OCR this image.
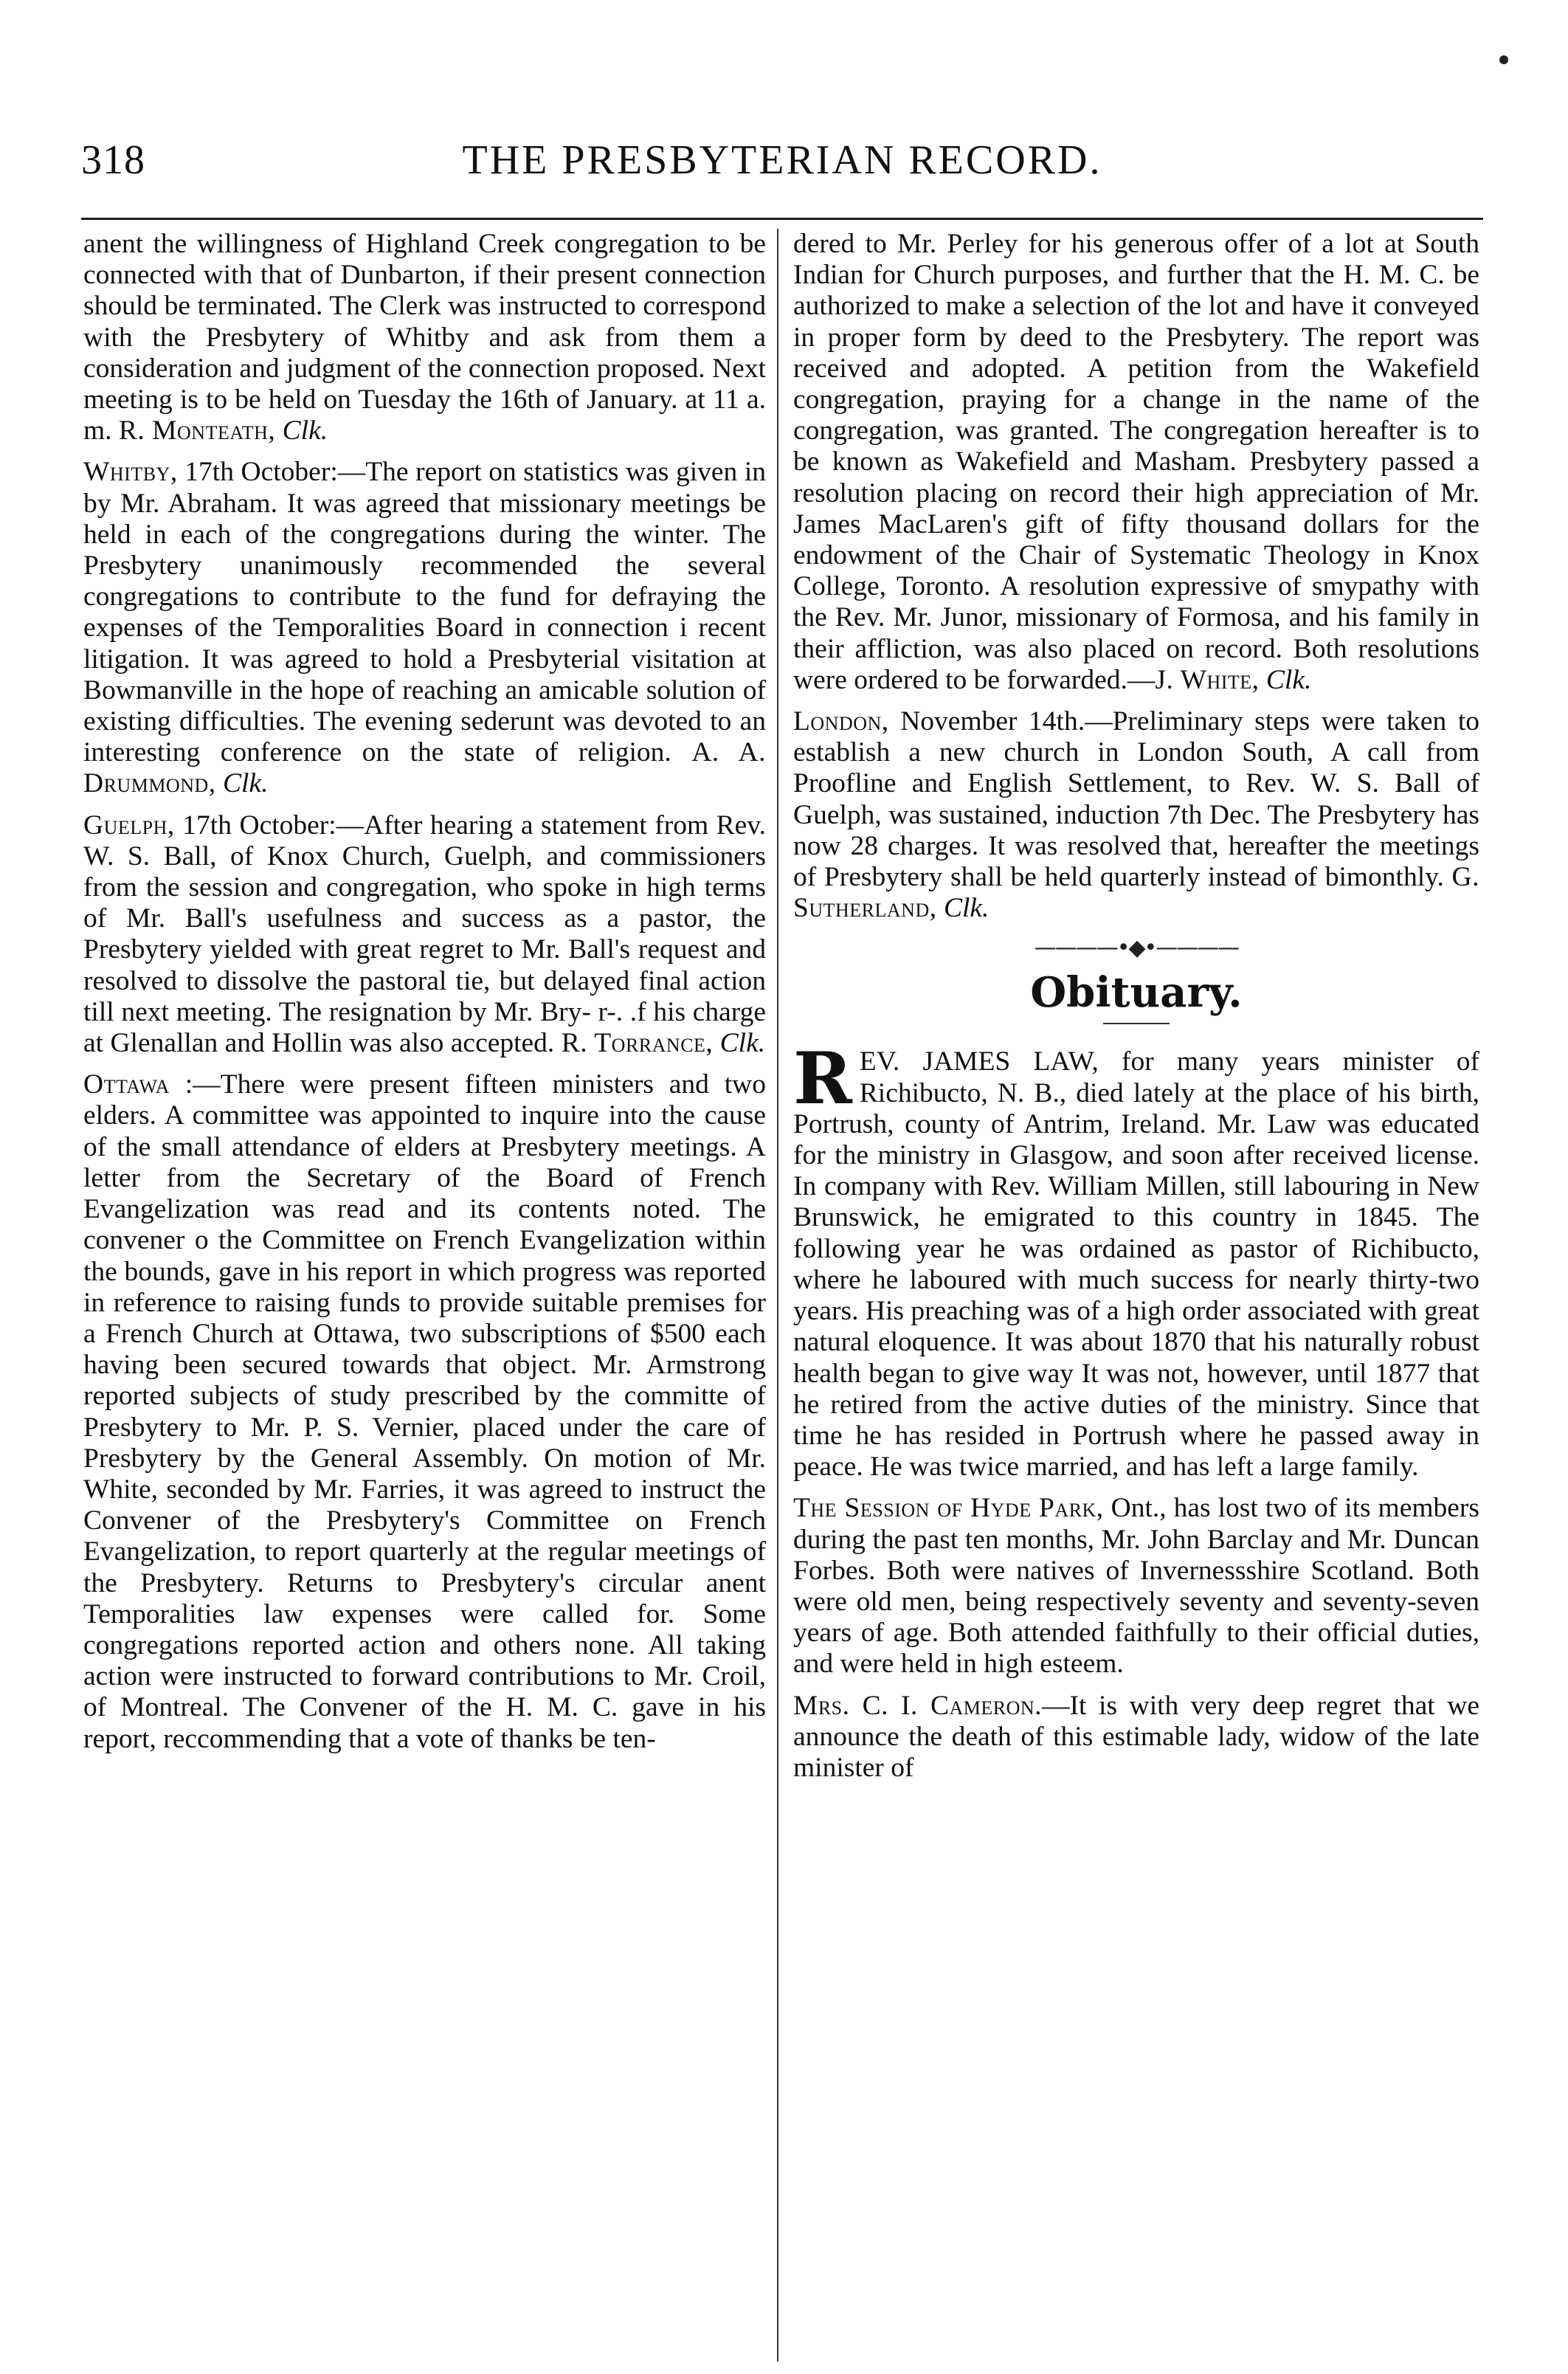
318	THE PRESBYTERIAN RECORD.

anent the willingness of Highland Creek congregation to be connected with that of Dunbarton, if their present connection should be terminated. The Clerk was instructed to correspond with the Presbytery of Whitby and ask from them a consideration and judgment of the connection proposed. Next meeting is to be held on Tuesday the 16th of January. at 11 a. m. R. Monteath, Clk.

Whitby, 17th October:—The report on statistics was given in by Mr. Abraham. It was agreed that missionary meetings be held in each of the congregations during the winter. The Presbytery unanimously recommended the several congregations to contribute to the fund for defraying the expenses of the Temporalities Board in connection i recent litigation. It was agreed to hold a Presbyterial visitation at Bowmanville in the hope of reaching an amicable solution of existing difficulties. The evening sederunt was devoted to an interesting conference on the state of religion. A. A. Drummond, Clk.

Guelph, 17th October:—After hearing a statement from Rev. W. S. Ball, of Knox Church, Guelph, and commissioners from the session and congregation, who spoke in high terms of Mr. Ball's usefulness and success as a pastor, the Presbytery yielded with great regret to Mr. Ball's request and resolved to dissolve the pastoral tie, but delayed final action till next meeting. The resignation by Mr. Bry- r-. .f his charge at Glenallan and Hollin was also accepted. R. Torrance, Clk.

Ottawa :—There were present fifteen ministers and two elders. A committee was appointed to inquire into the cause of the small attendance of elders at Presbytery meetings. A letter from the Secretary of the Board of French Evangelization was read and its contents noted. The convener o the Committee on French Evangelization within the bounds, gave in his report in which progress was reported in reference to raising funds to provide suitable premises for a French Church at Ottawa, two subscriptions of $500 each having been secured towards that object. Mr. Armstrong reported subjects of study prescribed by the committe of Presbytery to Mr. P. S. Vernier, placed under the care of Presbytery by the General Assembly. On motion of Mr. White, seconded by Mr. Farries, it was agreed to instruct the Convener of the Presbytery's Committee on French Evangelization, to report quarterly at the regular meetings of the Presbytery. Returns to Presbytery's circular anent Temporalities law expenses were called for. Some congregations reported action and others none. All taking action were instructed to forward contributions to Mr. Croil, of Montreal. The Convener of the H. M. C. gave in his report, reccommending that a vote of thanks be ten-

dered to Mr. Perley for his generous offer of a lot at South Indian for Church purposes, and further that the H. M. C. be authorized to make a selection of the lot and have it conveyed in proper form by deed to the Presbytery. The report was received and adopted. A petition from the Wakefield congregation, praying for a change in the name of the congregation, was granted. The congregation hereafter is to be known as Wakefield and Masham. Presbytery passed a resolution placing on record their high appreciation of Mr. James MacLaren's gift of fifty thousand dollars for the endowment of the Chair of Systematic Theology in Knox College, Toronto. A resolution expressive of smypathy with the Rev. Mr. Junor, missionary of Formosa, and his family in their affliction, was also placed on record. Both resolutions were ordered to be forwarded.—J. White, Clk.

London, November 14th.—Preliminary steps were taken to establish a new church in London South, A call from Proofline and English Settlement, to Rev. W. S. Ball of Guelph, was sustained, induction 7th Dec. The Presbytery has now 28 charges. It was resolved that, hereafter the meetings of Presbytery shall be held quarterly instead of bimonthly. G. Sutherland, Clk.

————•◆•————
Obituary.

REV. JAMES LAW, for many years minister of Richibucto, N. B., died lately at the place of his birth, Portrush, county of Antrim, Ireland. Mr. Law was educated for the ministry in Glasgow, and soon after received license. In company with Rev. William Millen, still labouring in New Brunswick, he emigrated to this country in 1845. The following year he was ordained as pastor of Richibucto, where he laboured with much success for nearly thirty-two years. His preaching was of a high order associated with great natural eloquence. It was about 1870 that his naturally robust health began to give way It was not, however, until 1877 that he retired from the active duties of the ministry. Since that time he has resided in Portrush where he passed away in peace. He was twice married, and has left a large family.

The Session of Hyde Park, Ont., has lost two of its members during the past ten months, Mr. John Barclay and Mr. Duncan Forbes. Both were natives of Invernessshire Scotland. Both were old men, being respectively seventy and seventy-seven years of age. Both attended faithfully to their official duties, and were held in high esteem.

Mrs. C. I. Cameron.—It is with very deep regret that we announce the death of this estimable lady, widow of the late minister of
